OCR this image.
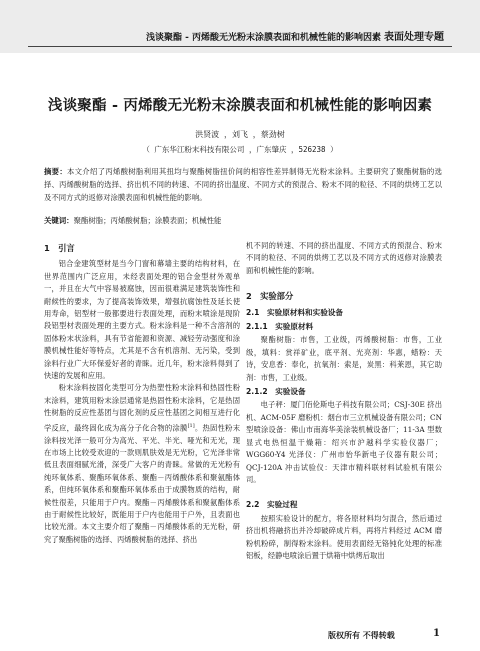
浅谈聚酯 - 丙烯酸无光粉末涂膜表面和机械性能的影响因素 表面处理专题
浅谈聚酯 - 丙烯酸无光粉末涂膜表面和机械性能的影响因素
洪贤波 ，刘飞 ，蔡劲树
（ 广东华江粉末科技有限公司 ，广东肇庆 ，526238 ）
摘要：本文介绍了丙烯酸树脂利用其扭均与聚酯树脂扭价间的相容性差异制得无光粉末涂料。主要研究了聚酯树脂的选择、丙烯酸树脂的选择、挤出机不同的转速、不同的挤出温度、不同方式的预混合、粉末不同的粒径、不同的烘烤工艺以及不同方式的返修对涂膜表面和机械性能的影响。
关键词：聚酯树脂；丙烯酸树脂；涂膜表面；机械性能
1　引言

铝合金建筑型材是当今门窗和幕墙主要的结构材料，在世界范围内广泛应用，未经表面处理的铝合金型材外观单一，并且在大气中容易被腐蚀，因而很难满足建筑装饰性和耐候性的要求，为了提高装饰效果，增强抗腐蚀性及延长使用寿命，铝型材一般都要进行表面处理，而粉末喷涂是现阶段铝型材表面处理的主要方式。粉末涂料是一种不含溶剂的固体粉末状涂料，具有节省能源和资源、减轻劳动强度和涂膜机械性能好等特点，尤其是不含有机溶剂、无污染，受到涂料行业广大环保爱好者的青睐。近几年，粉末涂料得到了快速的发展和应用。

粉末涂料按固化类型可分为热塑性粉末涂料和热固性粉末涂料，建筑用粉末涂层通常是热固性粉末涂料，它是热固性树脂的反应性基团与固化剂的反应性基团之间相互进行化学反应，最终固化成为高分子化合物的涂膜[1]。热固性粉末涂料按光泽一般可分为高光、平光、半光、哑光和无光，现在市场上比较受欢迎的一款则肌肤效是无光粉，它光泽非常低且表面细腻光滑，深受广大客户的青睐。常做的无光粉有纯环氧体系、聚酯环氧体系、聚酯－丙烯酸体系和聚氨酯体系，但纯环氧体系和聚酯环氧体系由于成膜物质的结构，耐候性很差，只能用于户内。聚酯－丙烯酸体系和聚氨酯体系由于耐候性比较好，既能用于户内也能用于户外，且表面也比较光滑。本文主要介绍了聚酯－丙烯酸体系的无光粉，研究了聚酯树脂的选择、丙烯酸树脂的选择、挤出

机不同的转速、不同的挤出温度、不同方式的预混合、粉末不同的粒径、不同的烘烤工艺以及不同方式的返修对涂膜表面和机械性能的影响。

2　实验部分
2.1　实验原材料和实验设备
2.1.1　实验原材料

聚酯树脂：市售，工业级，丙烯酸树脂：市售，工业级，填料：赏祥矿业，底平剂、光亮剂：华惠，蜡粉：天诗，安息香：奉化，抗氧剂：索是，炭黑：科莱恩，其它助剂：市售，工业级。

2.1.2　实验设备

电子秤：厦门佰伦斯电子科技有限公司；CSJ-30E 挤出机、ACM-05F 磨粉机：烟台市三立机械设备有限公司；CN 型喷涂设备：佛山市南海华美涂装机械设备厂；11-3A 型数显式电热恒温干燥箱：绍兴市沪越科学实验仪器厂；WGG60-Y4 光泽仪：广州市怡华新电子仪器有限公司；QCJ-120A 冲击试验仪：天津市精科联材料试验机有限公司。

2.2　实验过程

按照实验设计的配方，将各原材料均匀混合，然后通过挤出机将融挤出并冷却破碎成片料，再将片料经过 ACM 磨粉机粉碎，制得粉末涂料。使用表面经无铬钝化处理的标准铝板，经静电喷涂后置于烘箱中烘烤后取出

版权所有 不得转载	1
